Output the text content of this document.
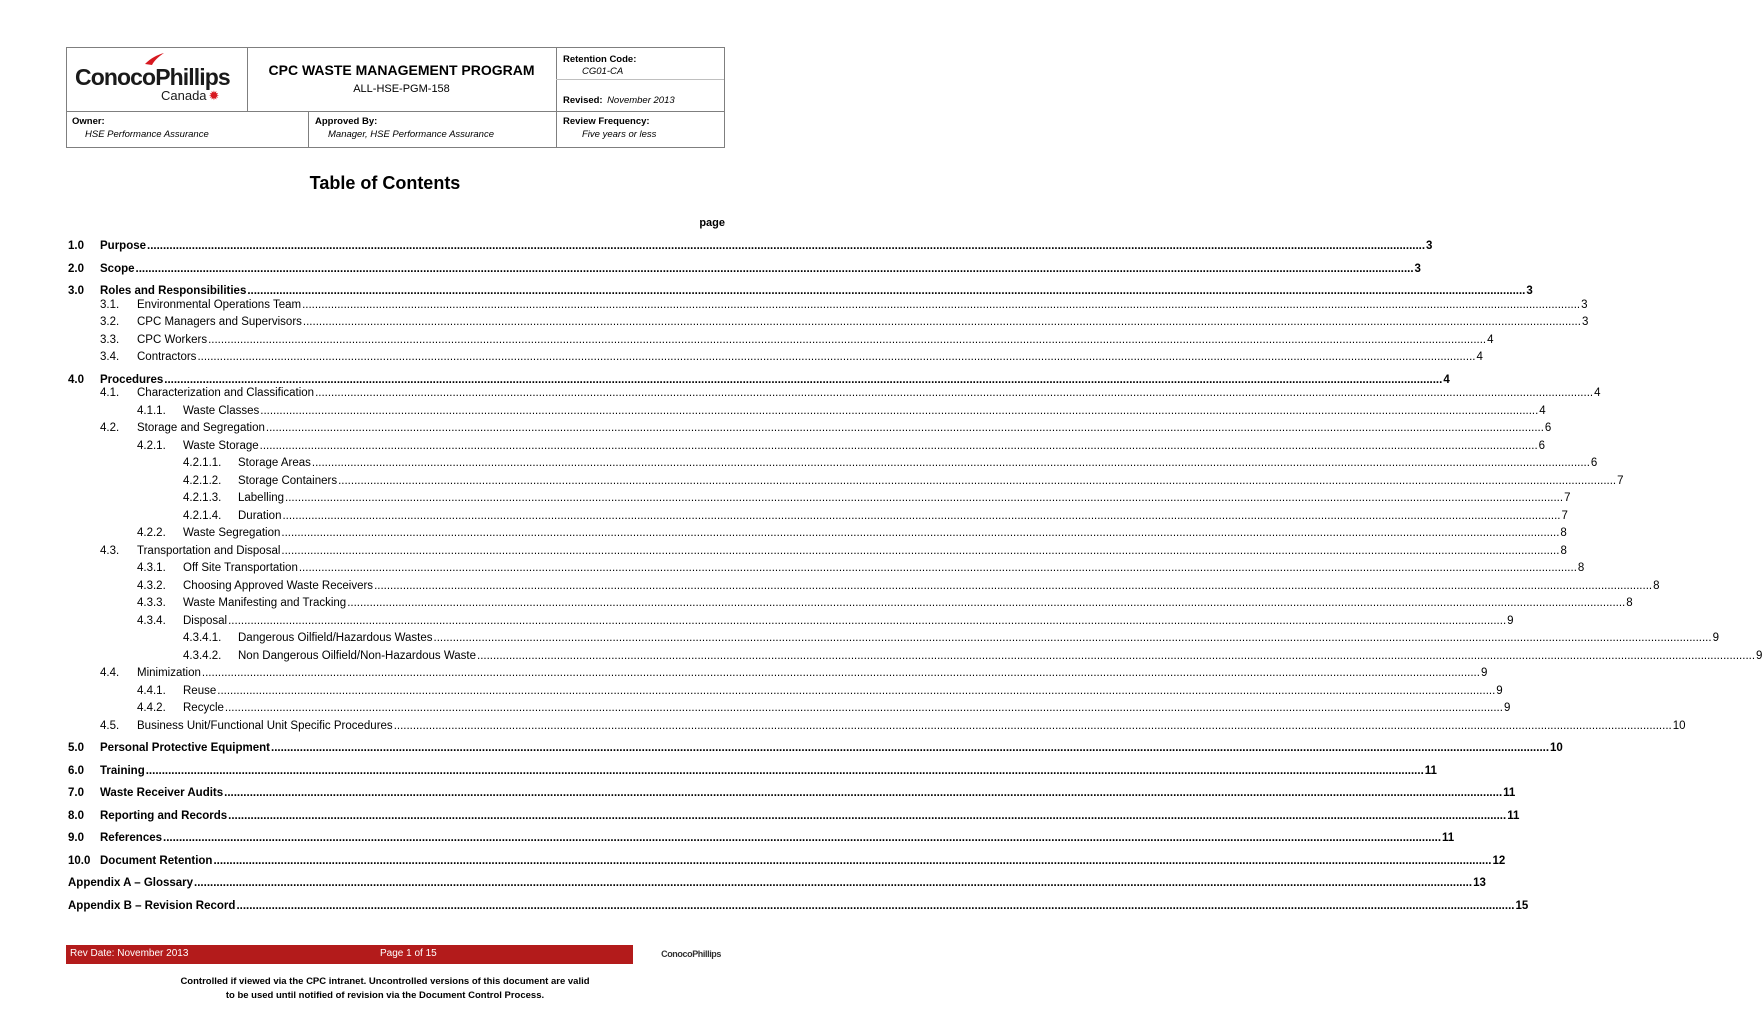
ConocoPhillips
Canada ✹
CPC WASTE MANAGEMENT PROGRAM
ALL-HSE-PGM-158
Retention Code:
CG01-CA
Revised: November 2013
Owner:
HSE Performance Assurance
Approved By:
Manager, HSE Performance Assurance
Review Frequency:
Five years or less
Table of Contents
page
1.0	Purpose ................................................................................................................................................................................................................................................................................................................................................................................................................ 3
2.0	Scope ................................................................................................................................................................................................................................................................................................................................................................................................................ 3
3.0	Roles and Responsibilities ................................................................................................................................................................................................................................................................................................................................................................................................................ 3
3.1.	Environmental Operations Team ................................................................................................................................................................................................................................................................................................................................................................................................................ 3
3.2.	CPC Managers and Supervisors ................................................................................................................................................................................................................................................................................................................................................................................................................ 3
3.3.	CPC Workers ................................................................................................................................................................................................................................................................................................................................................................................................................ 4
3.4.	Contractors ................................................................................................................................................................................................................................................................................................................................................................................................................ 4
4.0	Procedures ................................................................................................................................................................................................................................................................................................................................................................................................................ 4
4.1.	Characterization and Classification ................................................................................................................................................................................................................................................................................................................................................................................................................ 4
4.1.1.	Waste Classes ................................................................................................................................................................................................................................................................................................................................................................................................................ 4
4.2.	Storage and Segregation ................................................................................................................................................................................................................................................................................................................................................................................................................ 6
4.2.1.	Waste Storage ................................................................................................................................................................................................................................................................................................................................................................................................................ 6
4.2.1.1.	Storage Areas ................................................................................................................................................................................................................................................................................................................................................................................................................ 6
4.2.1.2.	Storage Containers ................................................................................................................................................................................................................................................................................................................................................................................................................ 7
4.2.1.3.	Labelling ................................................................................................................................................................................................................................................................................................................................................................................................................ 7
4.2.1.4.	Duration ................................................................................................................................................................................................................................................................................................................................................................................................................ 7
4.2.2.	Waste Segregation ................................................................................................................................................................................................................................................................................................................................................................................................................ 8
4.3.	Transportation and Disposal ................................................................................................................................................................................................................................................................................................................................................................................................................ 8
4.3.1.	Off Site Transportation ................................................................................................................................................................................................................................................................................................................................................................................................................ 8
4.3.2.	Choosing Approved Waste Receivers ................................................................................................................................................................................................................................................................................................................................................................................................................ 8
4.3.3.	Waste Manifesting and Tracking ................................................................................................................................................................................................................................................................................................................................................................................................................ 8
4.3.4.	Disposal ................................................................................................................................................................................................................................................................................................................................................................................................................ 9
4.3.4.1.	Dangerous Oilfield/Hazardous Wastes ................................................................................................................................................................................................................................................................................................................................................................................................................ 9
4.3.4.2.	Non Dangerous Oilfield/Non-Hazardous Waste ................................................................................................................................................................................................................................................................................................................................................................................................................ 9
4.4.	Minimization ................................................................................................................................................................................................................................................................................................................................................................................................................ 9
4.4.1.	Reuse ................................................................................................................................................................................................................................................................................................................................................................................................................ 9
4.4.2.	Recycle ................................................................................................................................................................................................................................................................................................................................................................................................................ 9
4.5.	Business Unit/Functional Unit Specific Procedures ................................................................................................................................................................................................................................................................................................................................................................................................................ 10
5.0	Personal Protective Equipment ................................................................................................................................................................................................................................................................................................................................................................................................................ 10
6.0	Training ................................................................................................................................................................................................................................................................................................................................................................................................................ 11
7.0	Waste Receiver Audits ................................................................................................................................................................................................................................................................................................................................................................................................................ 11
8.0	Reporting and Records ................................................................................................................................................................................................................................................................................................................................................................................................................ 11
9.0	References ................................................................................................................................................................................................................................................................................................................................................................................................................ 11
10.0 Document Retention ................................................................................................................................................................................................................................................................................................................................................................................................................ 12
Appendix A – Glossary ................................................................................................................................................................................................................................................................................................................................................................................................................ 13
Appendix B – Revision Record ................................................................................................................................................................................................................................................................................................................................................................................................................ 15
Rev Date: November 2013	Page 1 of 15	ConocoPhillips
Controlled if viewed via the CPC intranet. Uncontrolled versions of this document are valid
to be used until notified of revision via the Document Control Process.
